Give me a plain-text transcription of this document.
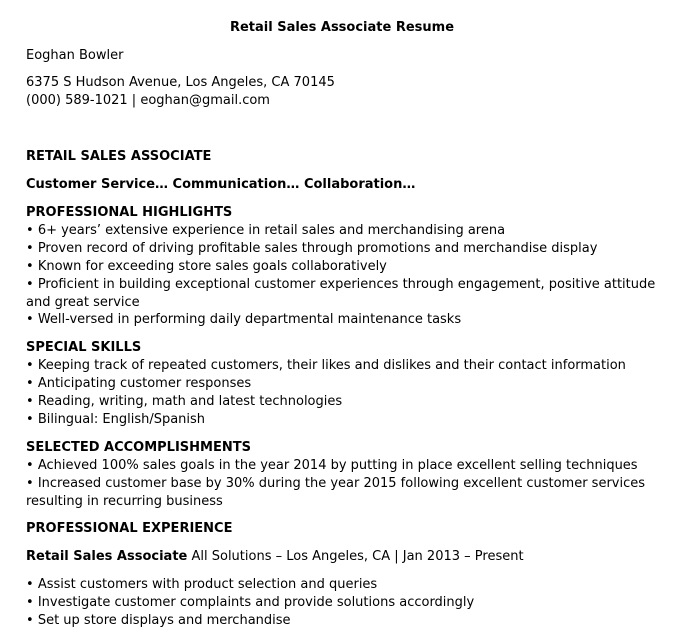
Retail Sales Associate Resume
Eoghan Bowler
6375 S Hudson Avenue, Los Angeles, CA 70145
(000) 589-1021 | eoghan@gmail.com
RETAIL SALES ASSOCIATE
Customer Service… Communication… Collaboration…
PROFESSIONAL HIGHLIGHTS
• 6+ years’ extensive experience in retail sales and merchandising arena
• Proven record of driving profitable sales through promotions and merchandise display
• Known for exceeding store sales goals collaboratively
• Proficient in building exceptional customer experiences through engagement, positive attitude and great service
• Well-versed in performing daily departmental maintenance tasks
SPECIAL SKILLS
• Keeping track of repeated customers, their likes and dislikes and their contact information
• Anticipating customer responses
• Reading, writing, math and latest technologies
• Bilingual: English/Spanish
SELECTED ACCOMPLISHMENTS
• Achieved 100% sales goals in the year 2014 by putting in place excellent selling techniques
• Increased customer base by 30% during the year 2015 following excellent customer services resulting in recurring business
PROFESSIONAL EXPERIENCE
Retail Sales Associate All Solutions – Los Angeles, CA | Jan 2013 – Present
• Assist customers with product selection and queries
• Investigate customer complaints and provide solutions accordingly
• Set up store displays and merchandise
